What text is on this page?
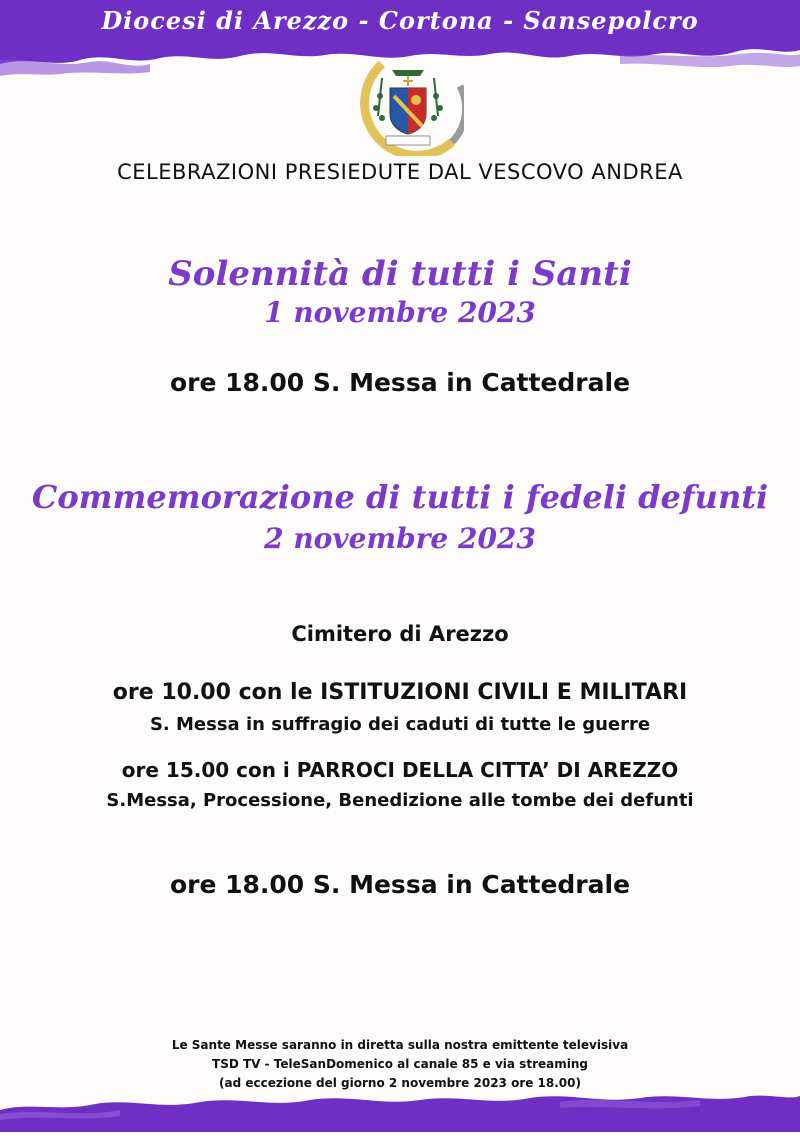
Diocesi di Arezzo - Cortona - Sansepolcro
CELEBRAZIONI PRESIEDUTE DAL VESCOVO ANDREA
Solennità di tutti i Santi
1 novembre 2023
ore 18.00 S. Messa in Cattedrale
Commemorazione di tutti i fedeli defunti
2 novembre 2023
Cimitero di Arezzo
ore 10.00 con le ISTITUZIONI CIVILI E MILITARI
S. Messa in suffragio dei caduti di tutte le guerre
ore 15.00 con i PARROCI DELLA CITTA’ DI AREZZO
S.Messa, Processione, Benedizione alle tombe dei defunti
ore 18.00 S. Messa in Cattedrale
Le Sante Messe saranno in diretta sulla nostra emittente televisiva
TSD TV - TeleSanDomenico al canale 85 e via streaming
(ad eccezione del giorno 2 novembre 2023 ore 18.00)
